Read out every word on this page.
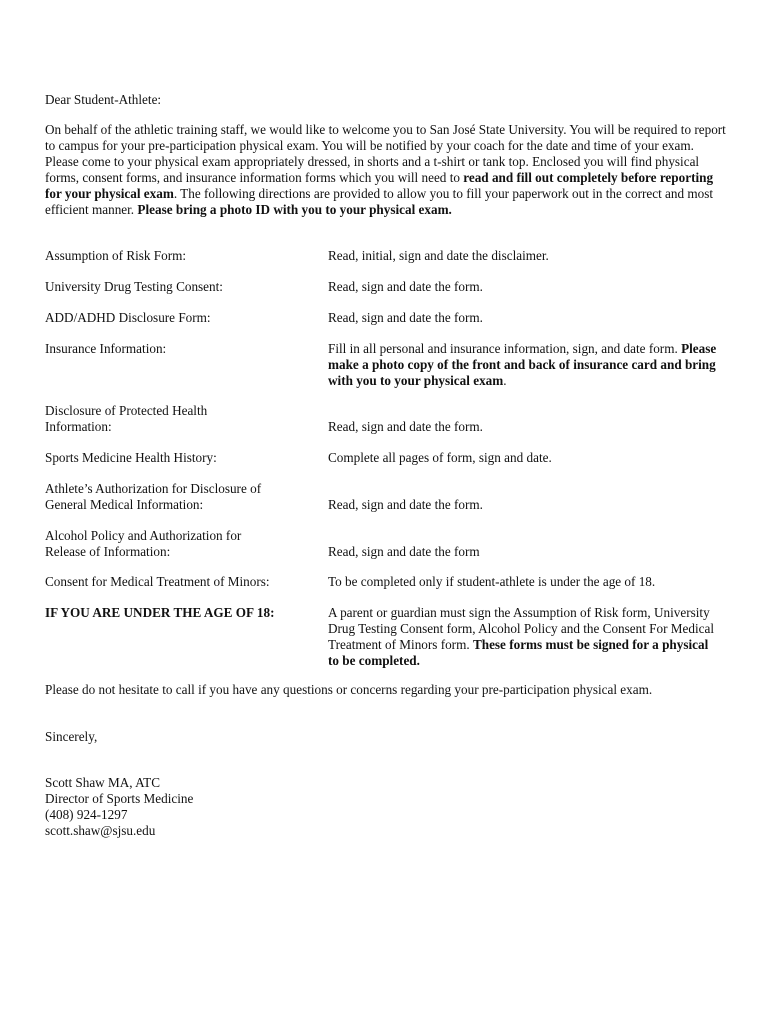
Dear Student-Athlete:
On behalf of the athletic training staff, we would like to welcome you to San José State University. You will be required to report to campus for your pre-participation physical exam. You will be notified by your coach for the date and time of your exam. Please come to your physical exam appropriately dressed, in shorts and a t-shirt or tank top. Enclosed you will find physical forms, consent forms, and insurance information forms which you will need to read and fill out completely before reporting for your physical exam. The following directions are provided to allow you to fill your paperwork out in the correct and most efficient manner. Please bring a photo ID with you to your physical exam.
Assumption of Risk Form:	Read, initial, sign and date the disclaimer.
University Drug Testing Consent:	Read, sign and date the form.
ADD/ADHD Disclosure Form:	Read, sign and date the form.
Insurance Information:	Fill in all personal and insurance information, sign, and date form. Please make a photo copy of the front and back of insurance card and bring with you to your physical exam.
Disclosure of Protected Health Information:	Read, sign and date the form.
Sports Medicine Health History:	Complete all pages of form, sign and date.
Athlete’s Authorization for Disclosure of General Medical Information:	Read, sign and date the form.
Alcohol Policy and Authorization for Release of Information:	Read, sign and date the form
Consent for Medical Treatment of Minors:	To be completed only if student-athlete is under the age of 18.
IF YOU ARE UNDER THE AGE OF 18:	A parent or guardian must sign the Assumption of Risk form, University Drug Testing Consent form, Alcohol Policy and the Consent For Medical Treatment of Minors form. These forms must be signed for a physical to be completed.
Please do not hesitate to call if you have any questions or concerns regarding your pre-participation physical exam.
Sincerely,
Scott Shaw MA, ATC
Director of Sports Medicine
(408) 924-1297
scott.shaw@sjsu.edu
